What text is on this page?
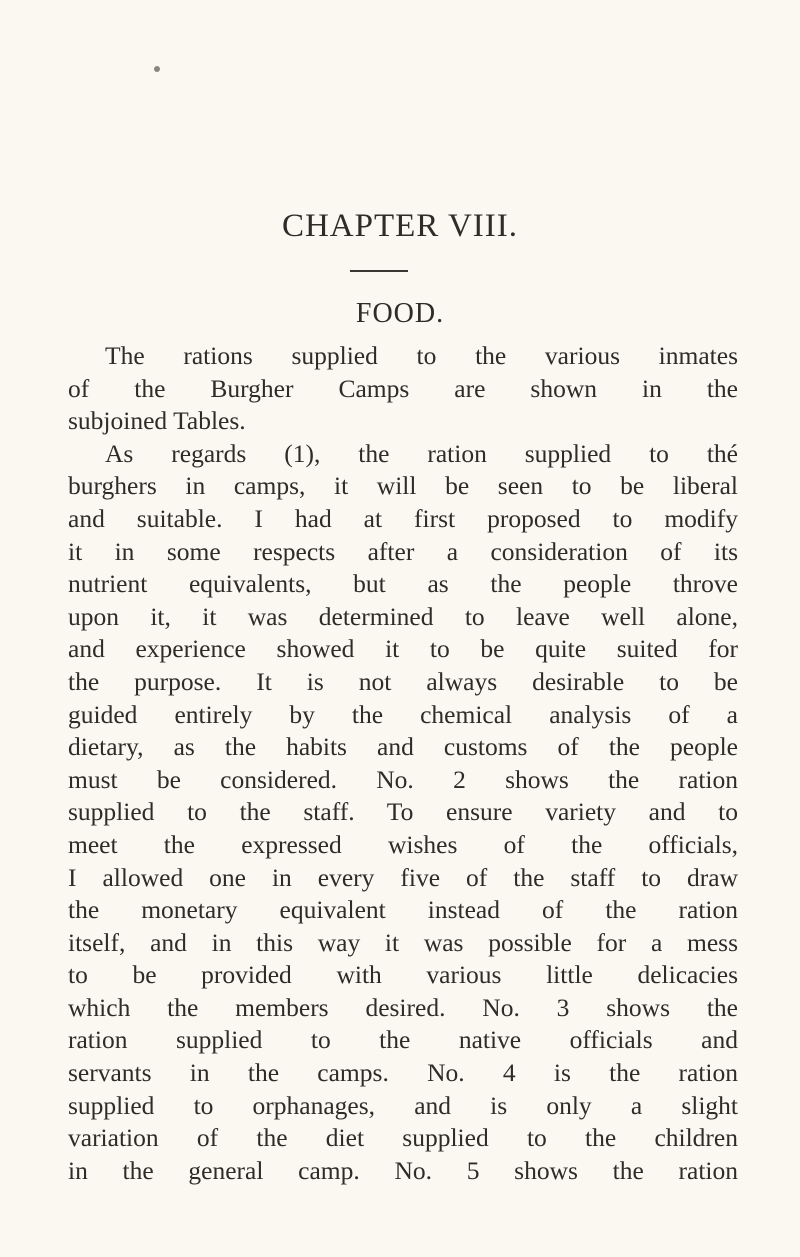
CHAPTER VIII.
FOOD.
The rations supplied to the various inmates
of the Burgher Camps are shown in the
subjoined Tables.
As regards (1), the ration supplied to thé
burghers in camps, it will be seen to be liberal
and suitable. I had at first proposed to modify
it in some respects after a consideration of its
nutrient equivalents, but as the people throve
upon it, it was determined to leave well alone,
and experience showed it to be quite suited for
the purpose. It is not always desirable to be
guided entirely by the chemical analysis of a
dietary, as the habits and customs of the people
must be considered. No. 2 shows the ration
supplied to the staff. To ensure variety and to
meet the expressed wishes of the officials,
I allowed one in every five of the staff to draw
the monetary equivalent instead of the ration
itself, and in this way it was possible for a mess
to be provided with various little delicacies
which the members desired. No. 3 shows the
ration supplied to the native officials and
servants in the camps. No. 4 is the ration
supplied to orphanages, and is only a slight
variation of the diet supplied to the children
in the general camp. No. 5 shows the ration
